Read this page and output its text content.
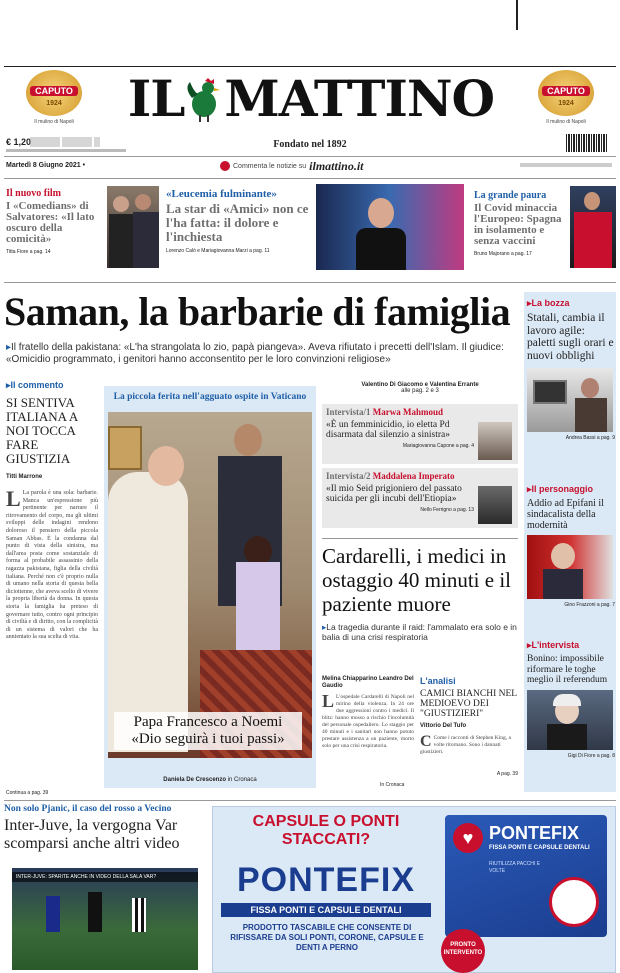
CAPUTO
1924
Il mulino di Napoli
CAPUTO
1924
Il mulino di Napoli
IL MATTINO
€ 1,20	Fondato nel 1892
Martedì 8 Giugno 2021 •	Commenta le notizie su ilmattino.it
Il nuovo film
I «Comedians» di Salvatores: «Il lato oscuro della comicità»
Titta Fiore a pag. 14
«Leucemia fulminante»
La star di «Amici» non ce l'ha fatta: il dolore e l'inchiesta
Lorenzo Calò e Mariagiovanna Marzi a pag. 11
La grande paura
Il Covid minaccia l'Europeo: Spagna in isolamento e senza vaccini
Bruno Majorano a pag. 17
Saman, la barbarie di famiglia
▸Il fratello della pakistana: «L'ha strangolata lo zio, papà piangeva». Aveva rifiutato i precetti dell'Islam. Il giudice: «Omicidio programmato, i genitori hanno acconsentito per le loro convinzioni religiose»
▸Il commento
SI SENTIVA ITALIANA A NOI TOCCA FARE GIUSTIZIA
Titti Marrone
L La parola è una sola: barbarie. Manca un'espressione più pertinente per narrare il ritrovamento del corpo, ma gli ultimi sviluppi delle indagini rendono doloroso il pensiero della piccola Saman Abbas. È la condanna dal punto di vista della sinistra, ma dall'area posta come sostanziale di forma al probabile assassinio della ragazza pakistana, figlia della civiltà italiana. Perché non c'è proprio nulla di umano nella storia di questa bella diciottenne, che aveva scelto di vivere la propria libertà da donna. In questa storia la famiglia ha preteso di governare tutto, contro ogni principio di civiltà e di diritto, con la complicità di un sistema di valori che ha annientato la sua scelta di vita.
Continua a pag. 39
La piccola ferita nell'agguato ospite in Vaticano
Papa Francesco a Noemi
«Dio seguirà i tuoi passi»
Daniela De Crescenzo in Cronaca
Valentino Di Giacomo e Valentina Errante
alle pag. 2 e 3
Intervista/1 Marwa Mahmoud
«È un femminicidio, io eletta Pd disarmata dal silenzio a sinistra»
Mariagiovanna Capone a pag. 4
Intervista/2 Maddalena Imperato
«Il mio Seid prigioniero del passato suicida per gli incubi dell'Etiopia»
Nello Ferrigno a pag. 13
Cardarelli, i medici in ostaggio 40 minuti e il paziente muore
▸La tragedia durante il raid: l'ammalato era solo e in balia di una crisi respiratoria
Melina Chiapparino Leandro Del Gaudio
L L'ospedale Cardarelli di Napoli nel mirino della violenza. In 24 ore due aggressioni contro i medici. Il blitz: hanno mosso a rischio l'incolumità del personale ospedaliero. Lo staggio per 40 minuti e i sanitari non hanno potuto prestare assistenza a un paziente, morto solo per una crisi respiratoria.
In Cronaca
L'analisi
CAMICI BIANCHI NEL MEDIOEVO DEI "GIUSTIZIERI"
Vittorio Del Tufo
C Come i racconti di Stephen King, a volte ritornano. Sono i dannati giustizieri.
A pag. 39
▸La bozza
Statali, cambia il lavoro agile: paletti sugli orari e nuovi obblighi
Andrea Bassi a pag. 9
▸Il personaggio
Addio ad Epifani il sindacalista della modernità
Gino Frazzoni a pag. 7
▸L'intervista
Bonino: impossibile riformare le toghe meglio il referendum
Gigi Di Fiore a pag. 8
Non solo Pjanic, il caso del rosso a Vecino
Inter-Juve, la vergogna Var scomparsi anche altri video
INTER-JUVE: SPARITE ANCHE IN VIDEO DELLA SALA VAR?
CAPSULE O PONTI STACCATI?
PONTEFIX
FISSA PONTI E CAPSULE DENTALI
PRODOTTO TASCABILE CHE CONSENTE DI RIFISSARE DA SOLI PONTI, CORONE, CAPSULE E DENTI A PERNO
PONTEFIX
FISSA PONTI E CAPSULE DENTALI
RIUTILIZZA PACCHI E VOLTE
♥
PRONTO INTERVENTO
